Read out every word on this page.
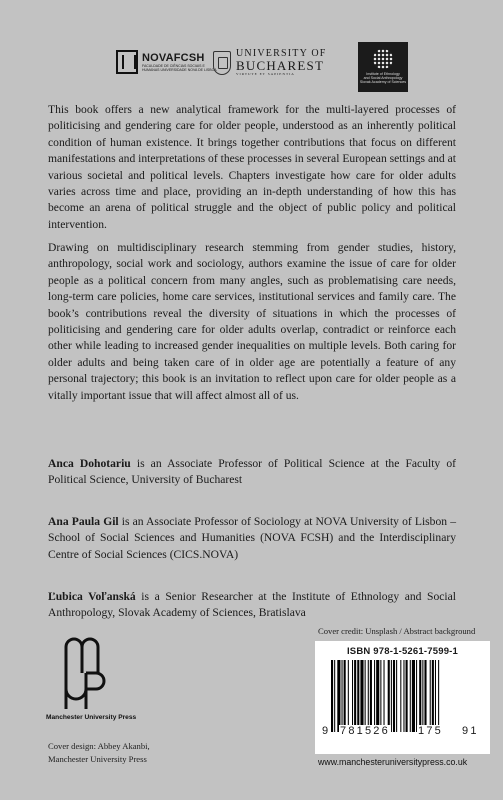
NOVAFCSH
FACULDADE DE CIÊNCIAS SOCIAIS E HUMANAS UNIVERSIDADE NOVA DE LISBOA
UNIVERSITY OF
BUCHAREST
VIRTUTE ET SAPIENTIA	Institute of Ethnology
and Social Anthropology
Slovak Academy of Sciences

This book offers a new analytical framework for the multi-layered processes of politicising and gendering care for older people, understood as an inherently political condition of human existence. It brings together contributions that focus on different manifestations and interpretations of these processes in several European settings and at various societal and political levels. Chapters investigate how care for older adults varies across time and place, providing an in-depth understanding of how this has become an arena of political struggle and the object of public policy and political intervention.

Drawing on multidisciplinary research stemming from gender studies, history, anthropology, social work and sociology, authors examine the issue of care for older people as a political concern from many angles, such as problematising care needs, long-term care policies, home care services, institutional services and family care. The book’s contributions reveal the diversity of situations in which the processes of politicising and gendering care for older adults overlap, contradict or reinforce each other while leading to increased gender inequalities on multiple levels. Both caring for older adults and being taken care of in older age are potentially a feature of any personal trajectory; this book is an invitation to reflect upon care for older people as a vitally important issue that will affect almost all of us.

Anca Dohotariu is an Associate Professor of Political Science at the Faculty of Political Science, University of Bucharest

Ana Paula Gil is an Associate Professor of Sociology at NOVA University of Lisbon – School of Social Sciences and Humanities (NOVA FCSH) and the Interdisciplinary Centre of Social Sciences (CICS.NOVA)

Ľubica Voľanská is a Senior Researcher at the Institute of Ethnology and Social Anthropology, Slovak Academy of Sciences, Bratislava

Cover credit: Unsplash / Abstract background
Manchester University Press
Cover design: Abbey Akanbi,
Manchester University Press
ISBN 978-1-5261-7599-1
9 781526	175 91
www.manchesteruniversitypress.co.uk
